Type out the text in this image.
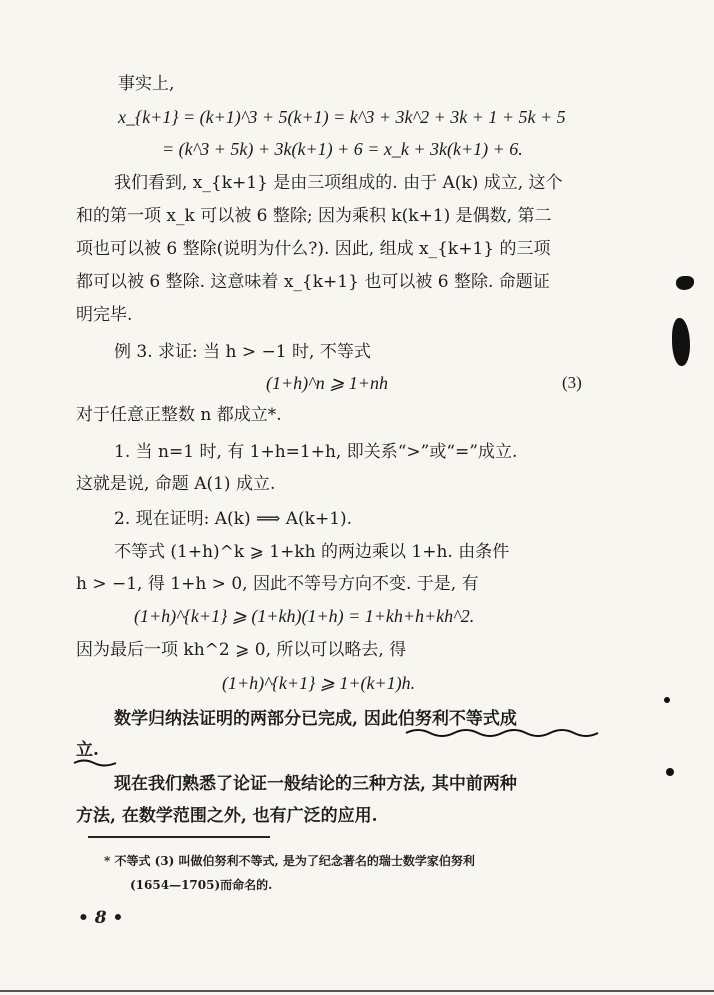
事实上,
x_{k+1} = (k+1)^3 + 5(k+1) = k^3 + 3k^2 + 3k + 1 + 5k + 5
= (k^3 + 5k) + 3k(k+1) + 6 = x_k + 3k(k+1) + 6.
我们看到, x_{k+1} 是由三项组成的. 由于 A(k) 成立, 这个
和的第一项 x_k 可以被 6 整除; 因为乘积 k(k+1) 是偶数, 第二
项也可以被 6 整除(说明为什么?). 因此, 组成 x_{k+1} 的三项
都可以被 6 整除. 这意味着 x_{k+1} 也可以被 6 整除. 命题证
明完毕.
例 3. 求证: 当 h > −1 时, 不等式
(1+h)^n ⩾ 1+nh	(3)
对于任意正整数 n 都成立*.
1. 当 n=1 时, 有 1+h=1+h, 即关系“>”或“=”成立.
这就是说, 命题 A(1) 成立.
2. 现在证明: A(k) ⟹ A(k+1).
不等式 (1+h)^k ⩾ 1+kh 的两边乘以 1+h. 由条件
h > −1, 得 1+h > 0, 因此不等号方向不变. 于是, 有
(1+h)^{k+1} ⩾ (1+kh)(1+h) = 1+kh+h+kh^2.
因为最后一项 kh^2 ⩾ 0, 所以可以略去, 得
(1+h)^{k+1} ⩾ 1+(k+1)h.
数学归纳法证明的两部分已完成, 因此伯努利不等式成
立.
现在我们熟悉了论证一般结论的三种方法, 其中前两种
方法, 在数学范围之外, 也有广泛的应用.
* 不等式 (3) 叫做伯努利不等式, 是为了纪念著名的瑞士数学家伯努利
(1654—1705)而命名的.
• 8 •
